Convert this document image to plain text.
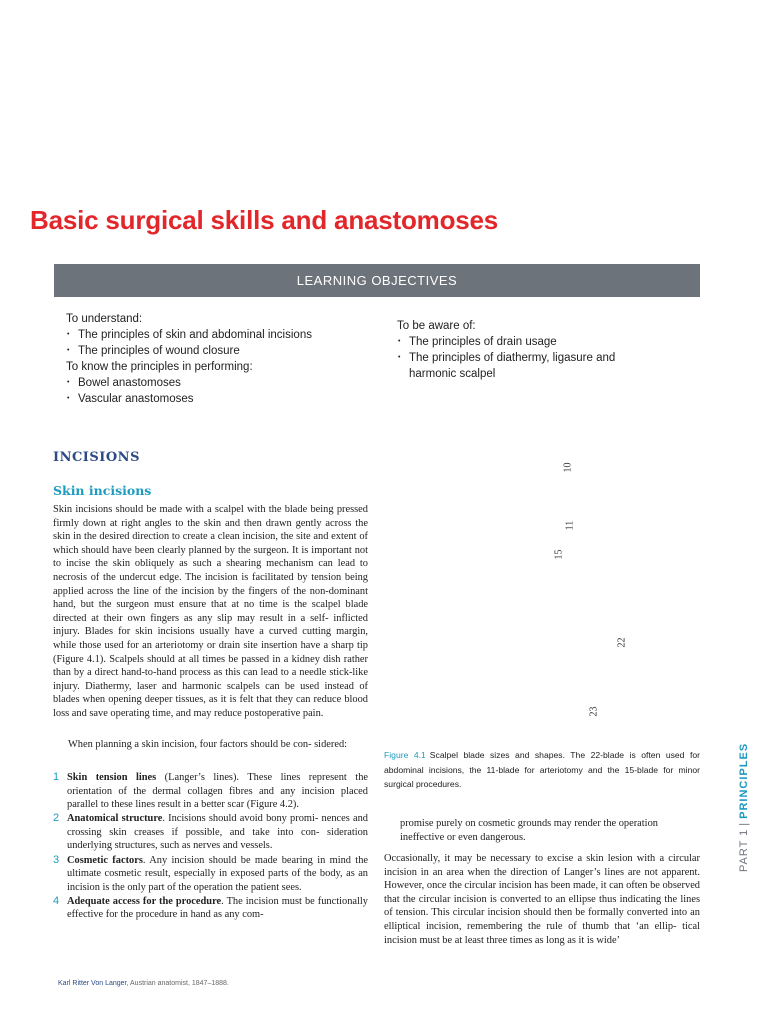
Basic surgical skills and anastomoses
LEARNING OBJECTIVES
To understand:
• The principles of skin and abdominal incisions
• The principles of wound closure
To know the principles in performing:
• Bowel anastomoses
• Vascular anastomoses
To be aware of:
• The principles of drain usage
• The principles of diathermy, ligasure and
harmonic scalpel
INCISIONS
Skin incisions
Skin incisions should be made with a scalpel with the blade being pressed firmly down at right angles to the skin and then drawn gently across the skin in the desired direction to create a clean incision, the site and extent of which should have been clearly planned by the surgeon. It is important not to incise the skin obliquely as such a shearing mechanism can lead to necrosis of the undercut edge. The incision is facilitated by tension being applied across the line of the incision by the fingers of the non-dominant hand, but the surgeon must ensure that at no time is the scalpel blade directed at their own fingers as any slip may result in a self- inflicted injury. Blades for skin incisions usually have a curved cutting margin, while those used for an arteriotomy or drain site insertion have a sharp tip (Figure 4.1). Scalpels should at all times be passed in a kidney dish rather than by a direct hand-to-hand process as this can lead to a needle stick-like injury. Diathermy, laser and harmonic scalpels can be used instead of blades when opening deeper tissues, as it is felt that they can reduce blood loss and save operating time, and may reduce postoperative pain.
When planning a skin incision, four factors should be con- sidered:
1 Skin tension lines (Langer’s lines). These lines represent the orientation of the dermal collagen fibres and any incision placed parallel to these lines result in a better scar (Figure 4.2).
2 Anatomical structure. Incisions should avoid bony promi- nences and crossing skin creases if possible, and take into con- sideration underlying structures, such as nerves and vessels.
3 Cosmetic factors. Any incision should be made bearing in mind the ultimate cosmetic result, especially in exposed parts of the body, as an incision is the only part of the operation the patient sees.
4 Adequate access for the procedure. The incision must be functionally effective for the procedure in hand as any com-
10
11
15
22
23
Figure 4.1 Scalpel blade sizes and shapes. The 22-blade is often used for abdominal incisions, the 11-blade for arteriotomy and the 15-blade for minor surgical procedures.
promise purely on cosmetic grounds may render the operation ineffective or even dangerous.
Occasionally, it may be necessary to excise a skin lesion with a circular incision in an area when the direction of Langer’s lines are not apparent. However, once the circular incision has been made, it can often be observed that the circular incision is converted to an ellipse thus indicating the lines of tension. This circular incision should then be formally converted into an elliptical incision, remembering the rule of thumb that ‘an ellip- tical incision must be at least three times as long as it is wide’
PART 1|PRINCIPLES
Karl Ritter Von Langer, Austrian anatomist, 1847–1888.
